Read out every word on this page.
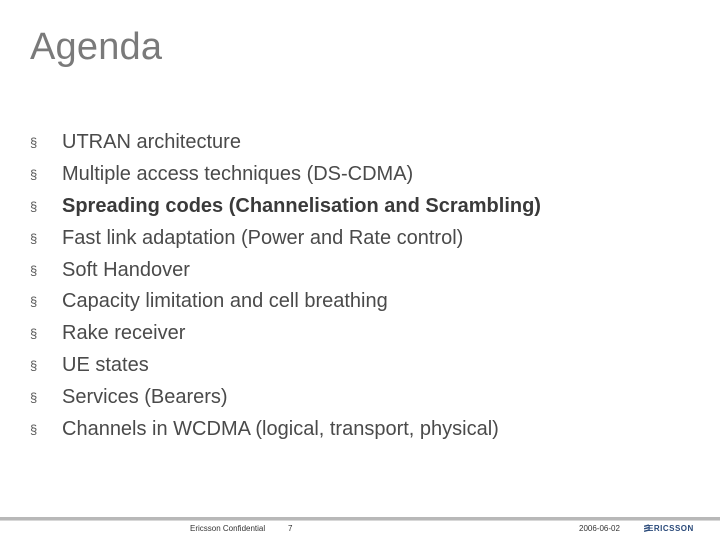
Agenda
§	UTRAN architecture
§	Multiple access techniques (DS-CDMA)
§	Spreading codes (Channelisation and Scrambling)
§	Fast link adaptation (Power and Rate control)
§	Soft Handover
§	Capacity limitation and cell breathing
§	Rake receiver
§	UE states
§	Services (Bearers)
§	Channels in WCDMA (logical, transport, physical)
Ericsson Confidential	7	2006-06-02	ERICSSON
